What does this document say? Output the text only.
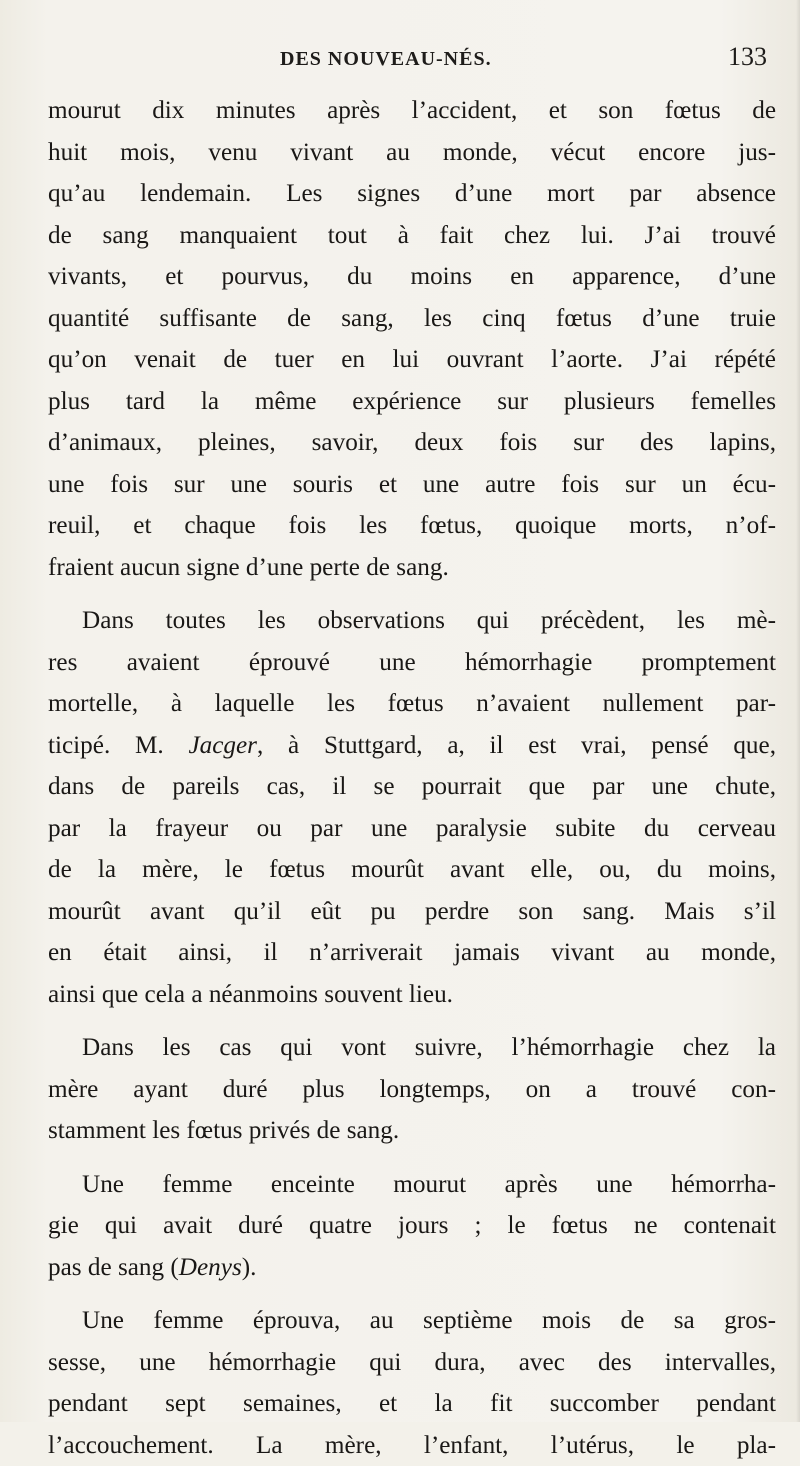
DES NOUVEAU-NÉS.	133
mourut dix minutes après l’accident, et son fœtus de
huit mois, venu vivant au monde, vécut encore jus-
qu’au lendemain. Les signes d’une mort par absence
de sang manquaient tout à fait chez lui. J’ai trouvé
vivants, et pourvus, du moins en apparence, d’une
quantité suffisante de sang, les cinq fœtus d’une truie
qu’on venait de tuer en lui ouvrant l’aorte. J’ai répété
plus tard la même expérience sur plusieurs femelles
d’animaux, pleines, savoir, deux fois sur des lapins,
une fois sur une souris et une autre fois sur un écu-
reuil, et chaque fois les fœtus, quoique morts, n’of-
fraient aucun signe d’une perte de sang.
Dans toutes les observations qui précèdent, les mè-
res avaient éprouvé une hémorrhagie promptement
mortelle, à laquelle les fœtus n’avaient nullement par-
ticipé. M. Jacger, à Stuttgard, a, il est vrai, pensé que,
dans de pareils cas, il se pourrait que par une chute,
par la frayeur ou par une paralysie subite du cerveau
de la mère, le fœtus mourût avant elle, ou, du moins,
mourût avant qu’il eût pu perdre son sang. Mais s’il
en était ainsi, il n’arriverait jamais vivant au monde,
ainsi que cela a néanmoins souvent lieu.
Dans les cas qui vont suivre, l’hémorrhagie chez la
mère ayant duré plus longtemps, on a trouvé con-
stamment les fœtus privés de sang.
Une femme enceinte mourut après une hémorrha-
gie qui avait duré quatre jours ; le fœtus ne contenait
pas de sang (Denys).
Une femme éprouva, au septième mois de sa gros-
sesse, une hémorrhagie qui dura, avec des intervalles,
pendant sept semaines, et la fit succomber pendant
l’accouchement. La mère, l’enfant, l’utérus, le pla-
